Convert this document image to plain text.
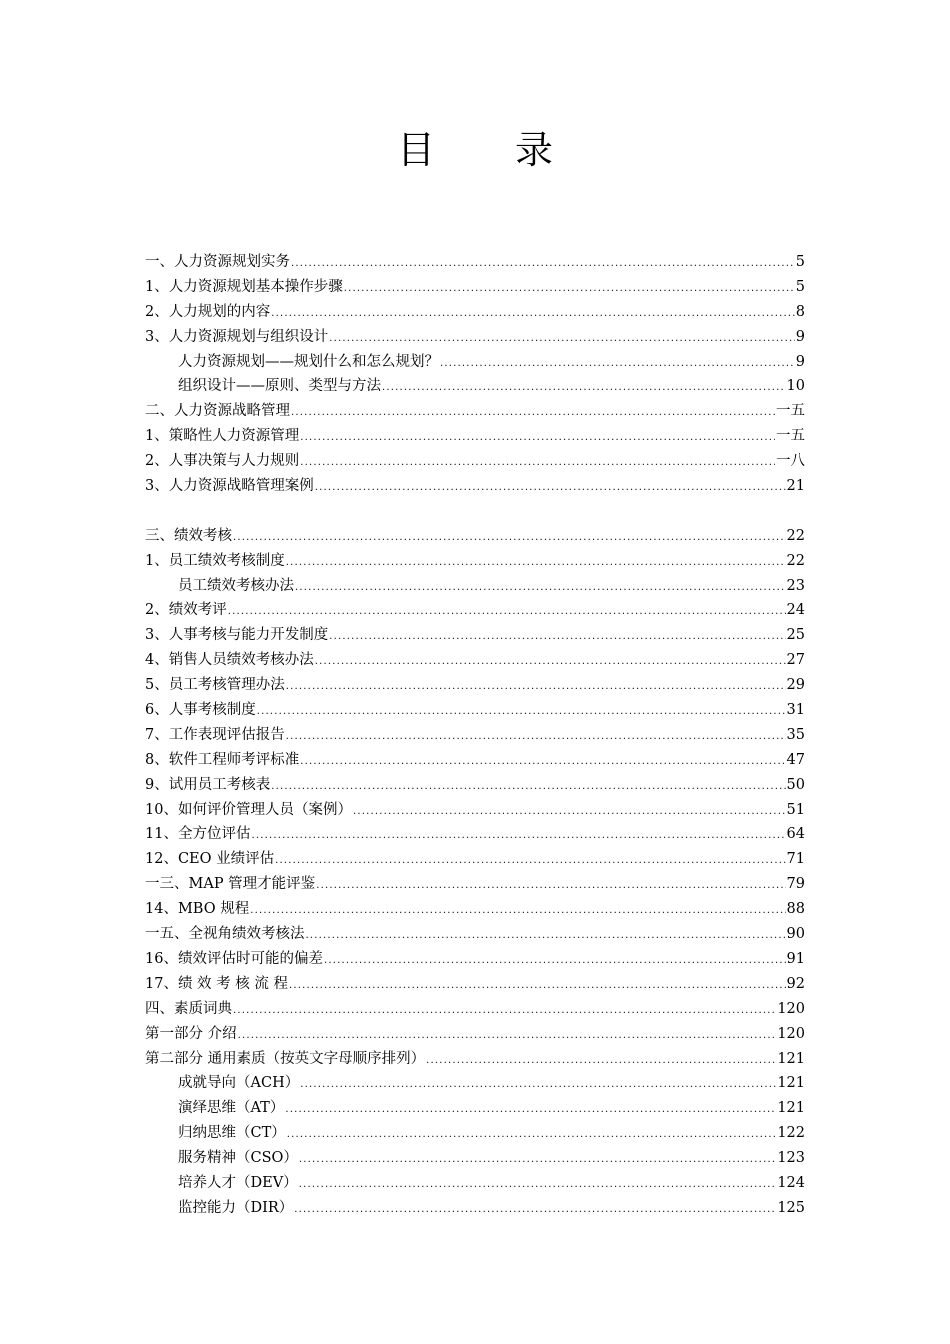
目 录
一、人力资源规划实务 .....	5
1、人力资源规划基本操作步骤 .....	5
2、人力规划的内容 .....	8
3、人力资源规划与组织设计 .....	9
人力资源规划——规划什么和怎么规划？ .....	9
组织设计——原则、类型与方法 .....	10
二、人力资源战略管理 .....	一五
1、策略性人力资源管理 .....	一五
2、人事决策与人力规则 .....	一八
3、人力资源战略管理案例 .....	21
三、绩效考核 .....	22
1、员工绩效考核制度 .....	22
员工绩效考核办法 .....	23
2、绩效考评 .....	24
3、人事考核与能力开发制度 .....	25
4、销售人员绩效考核办法 .....	27
5、员工考核管理办法 .....	29
6、人事考核制度 .....	31
7、工作表现评估报告 .....	35
8、软件工程师考评标准 .....	47
9、试用员工考核表 .....	50
10、如何评价管理人员（案例） .....	51
11、全方位评估 .....	64
12、CEO 业绩评估 .....	71
一三、MAP 管理才能评鉴 .....	79
14、MBO 规程 .....	88
一五、全视角绩效考核法 .....	90
16、绩效评估时可能的偏差 .....	91
17、绩 效 考 核 流 程 .....	92
四、素质词典 .....	120
第一部分 介绍 .....	120
第二部分 通用素质（按英文字母顺序排列） .....	121
成就导向（ACH） .....	121
演绎思维（AT） .....	121
归纳思维（CT） .....	122
服务精神（CSO） .....	123
培养人才（DEV） .....	124
监控能力（DIR） .....	125
